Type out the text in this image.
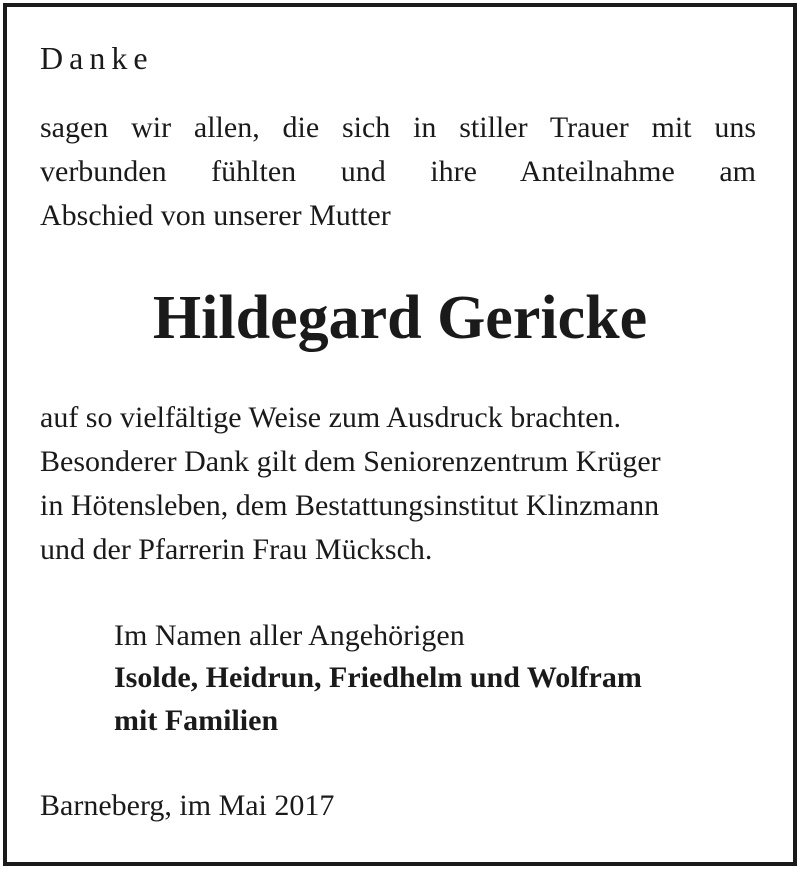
Danke
sagen wir allen, die sich in stiller Trauer mit uns
verbunden fühlten und ihre Anteilnahme am
Abschied von unserer Mutter
Hildegard Gericke
auf so vielfältige Weise zum Ausdruck brachten.
Besonderer Dank gilt dem Seniorenzentrum Krüger
in Hötensleben, dem Bestattungsinstitut Klinzmann
und der Pfarrerin Frau Mücksch.
Im Namen aller Angehörigen
Isolde, Heidrun, Friedhelm und Wolfram
mit Familien
Barneberg, im Mai 2017
